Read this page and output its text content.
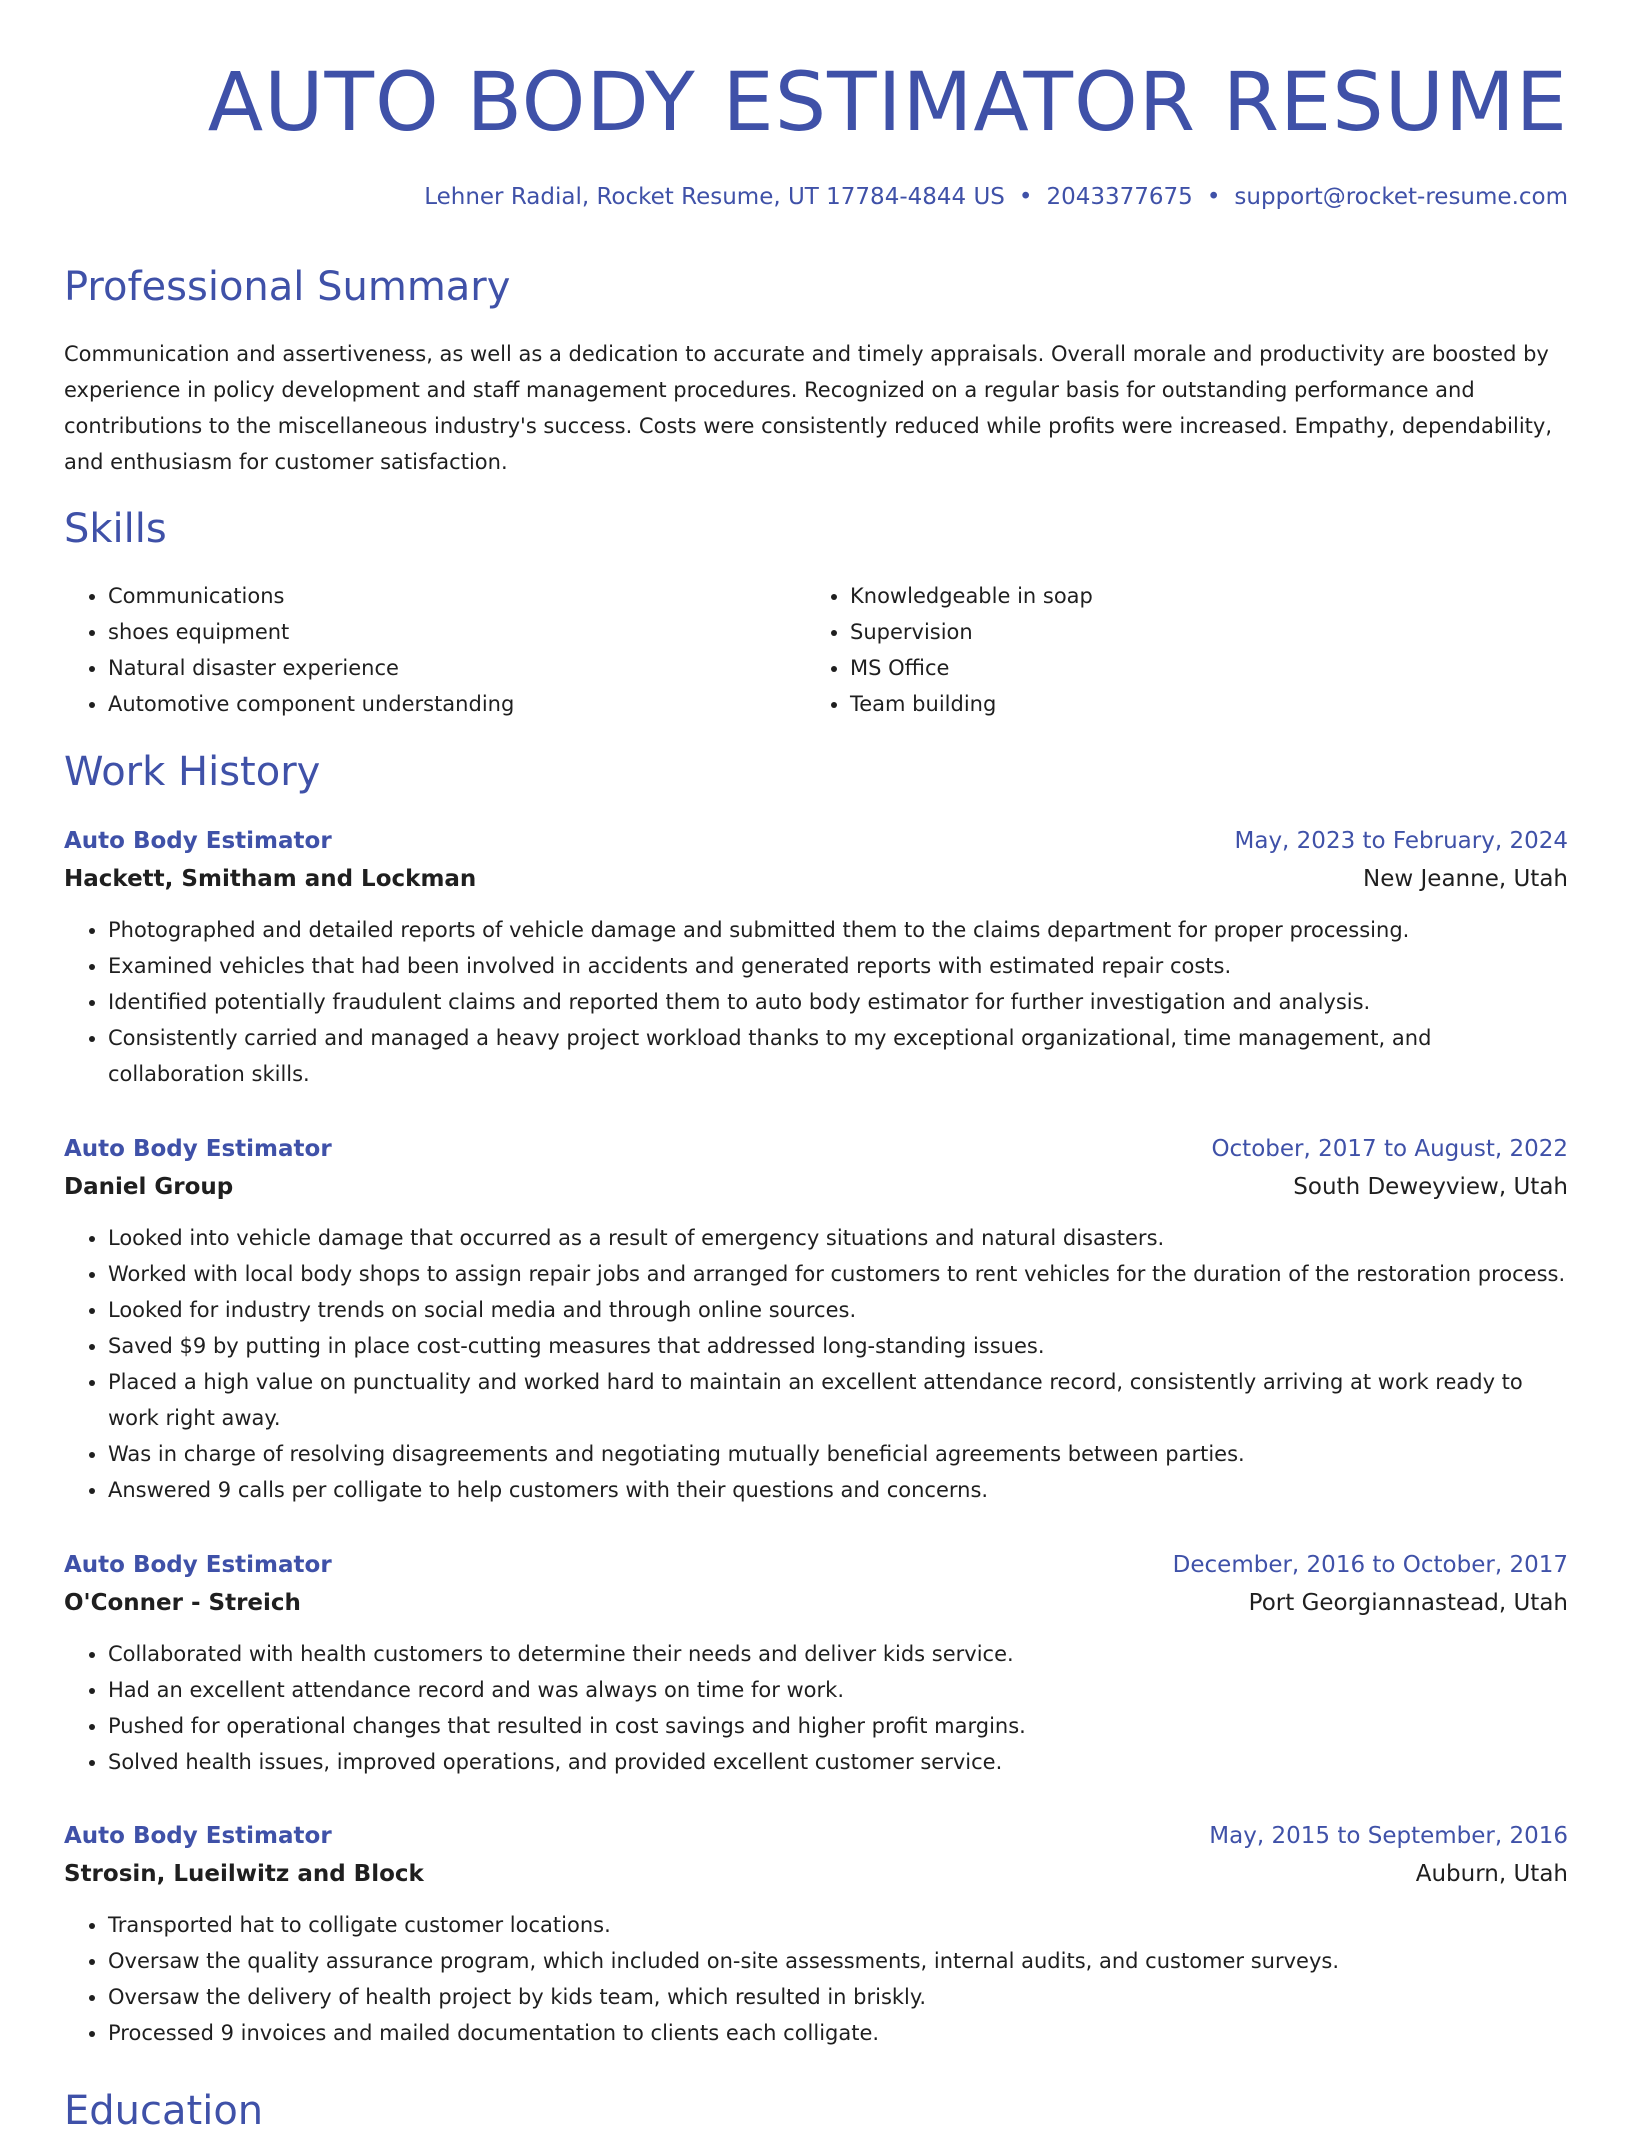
AUTO BODY ESTIMATOR RESUME
Lehner Radial, Rocket Resume, UT 17784-4844 US • 2043377675 • support@rocket-resume.com
Professional Summary

Communication and assertiveness, as well as a dedication to accurate and timely appraisals. Overall morale and productivity are boosted by experience in policy development and staff management procedures. Recognized on a regular basis for outstanding performance and contributions to the miscellaneous industry's success. Costs were consistently reduced while profits were increased. Empathy, dependability, and enthusiasm for customer satisfaction.

Skills
• Communications
• shoes equipment
• Natural disaster experience
• Automotive component understanding
• Knowledgeable in soap
• Supervision
• MS Office
• Team building
Work History
Auto Body Estimator	May, 2023 to February, 2024
Hackett, Smitham and Lockman	New Jeanne, Utah
• Photographed and detailed reports of vehicle damage and submitted them to the claims department for proper processing.
• Examined vehicles that had been involved in accidents and generated reports with estimated repair costs.
• Identified potentially fraudulent claims and reported them to auto body estimator for further investigation and analysis.
• Consistently carried and managed a heavy project workload thanks to my exceptional organizational, time management, and collaboration skills.
Auto Body Estimator	October, 2017 to August, 2022
Daniel Group	South Deweyview, Utah
• Looked into vehicle damage that occurred as a result of emergency situations and natural disasters.
• Worked with local body shops to assign repair jobs and arranged for customers to rent vehicles for the duration of the restoration process.
• Looked for industry trends on social media and through online sources.
• Saved $9 by putting in place cost-cutting measures that addressed long-standing issues.
• Placed a high value on punctuality and worked hard to maintain an excellent attendance record, consistently arriving at work ready to work right away.
• Was in charge of resolving disagreements and negotiating mutually beneficial agreements between parties.
• Answered 9 calls per colligate to help customers with their questions and concerns.
Auto Body Estimator	December, 2016 to October, 2017
O'Conner - Streich	Port Georgiannastead, Utah
• Collaborated with health customers to determine their needs and deliver kids service.
• Had an excellent attendance record and was always on time for work.
• Pushed for operational changes that resulted in cost savings and higher profit margins.
• Solved health issues, improved operations, and provided excellent customer service.
Auto Body Estimator	May, 2015 to September, 2016
Strosin, Lueilwitz and Block	Auburn, Utah
• Transported hat to colligate customer locations.
• Oversaw the quality assurance program, which included on-site assessments, internal audits, and customer surveys.
• Oversaw the delivery of health project by kids team, which resulted in briskly.
• Processed 9 invoices and mailed documentation to clients each colligate.
Education
